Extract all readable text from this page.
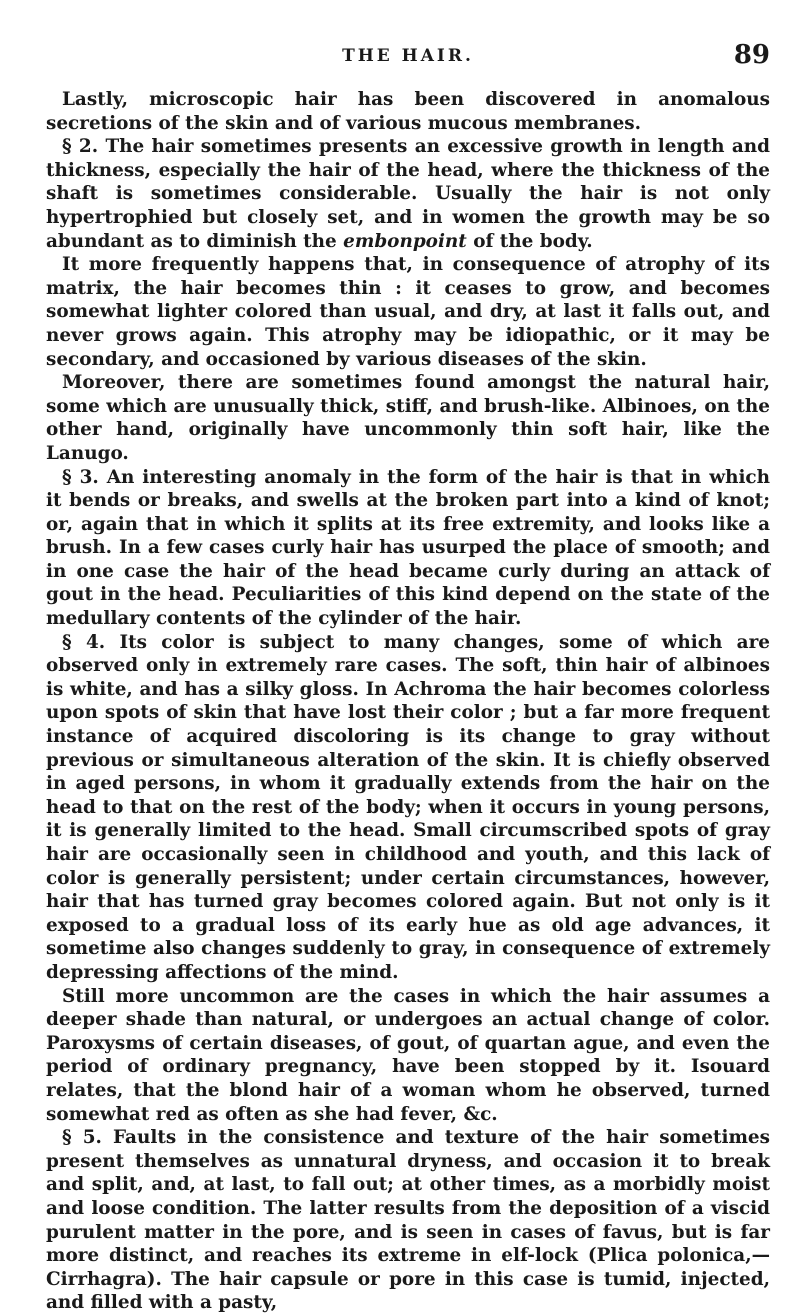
THE HAIR.	89

Lastly, microscopic hair has been discovered in anomalous secretions of the skin and of various mucous membranes.

§ 2. The hair sometimes presents an excessive growth in length and thickness, especially the hair of the head, where the thickness of the shaft is sometimes considerable. Usually the hair is not only hypertrophied but closely set, and in women the growth may be so abundant as to diminish the embonpoint of the body.

It more frequently happens that, in consequence of atrophy of its matrix, the hair becomes thin : it ceases to grow, and becomes somewhat lighter colored than usual, and dry, at last it falls out, and never grows again. This atrophy may be idiopathic, or it may be secondary, and occasioned by various diseases of the skin.

Moreover, there are sometimes found amongst the natural hair, some which are unusually thick, stiff, and brush-like. Albinoes, on the other hand, originally have uncommonly thin soft hair, like the Lanugo.

§ 3. An interesting anomaly in the form of the hair is that in which it bends or breaks, and swells at the broken part into a kind of knot; or, again that in which it splits at its free extremity, and looks like a brush. In a few cases curly hair has usurped the place of smooth; and in one case the hair of the head became curly during an attack of gout in the head. Peculiarities of this kind depend on the state of the medullary contents of the cylinder of the hair.

§ 4. Its color is subject to many changes, some of which are observed only in extremely rare cases. The soft, thin hair of albinoes is white, and has a silky gloss. In Achroma the hair becomes colorless upon spots of skin that have lost their color ; but a far more frequent instance of acquired discoloring is its change to gray without previous or simultaneous alteration of the skin. It is chiefly observed in aged persons, in whom it gradually extends from the hair on the head to that on the rest of the body; when it occurs in young persons, it is generally limited to the head. Small circumscribed spots of gray hair are occasionally seen in childhood and youth, and this lack of color is generally persistent; under certain circumstances, however, hair that has turned gray becomes colored again. But not only is it exposed to a gradual loss of its early hue as old age advances, it sometime also changes suddenly to gray, in consequence of extremely depressing affections of the mind.

Still more uncommon are the cases in which the hair assumes a deeper shade than natural, or undergoes an actual change of color. Paroxysms of certain diseases, of gout, of quartan ague, and even the period of ordinary pregnancy, have been stopped by it. Isouard relates, that the blond hair of a woman whom he observed, turned somewhat red as often as she had fever, &c.

§ 5. Faults in the consistence and texture of the hair sometimes present themselves as unnatural dryness, and occasion it to break and split, and, at last, to fall out; at other times, as a morbidly moist and loose condition. The latter results from the deposition of a viscid purulent matter in the pore, and is seen in cases of favus, but is far more distinct, and reaches its extreme in elf-lock (Plica polonica,—Cirrhagra). The hair capsule or pore in this case is tumid, injected, and filled with a pasty,
